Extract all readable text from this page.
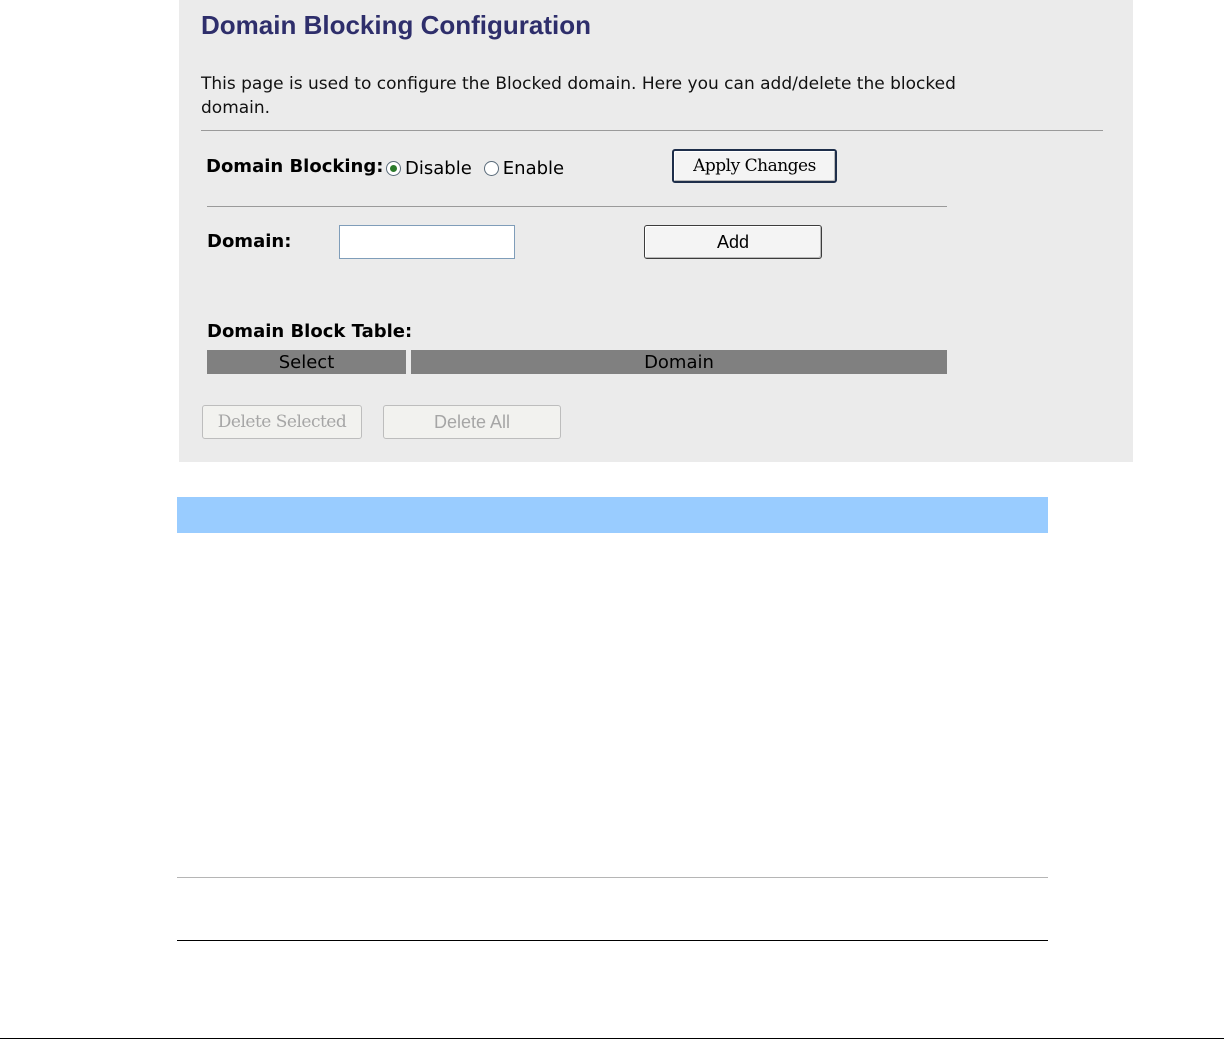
Domain Blocking Configuration

This page is used to configure the Blocked domain. Here you can add/delete the blocked domain.

Domain Blocking: Disable Enable	Apply Changes
Domain:	Add
Domain Block Table:
Select	Domain
Delete Selected	Delete All
